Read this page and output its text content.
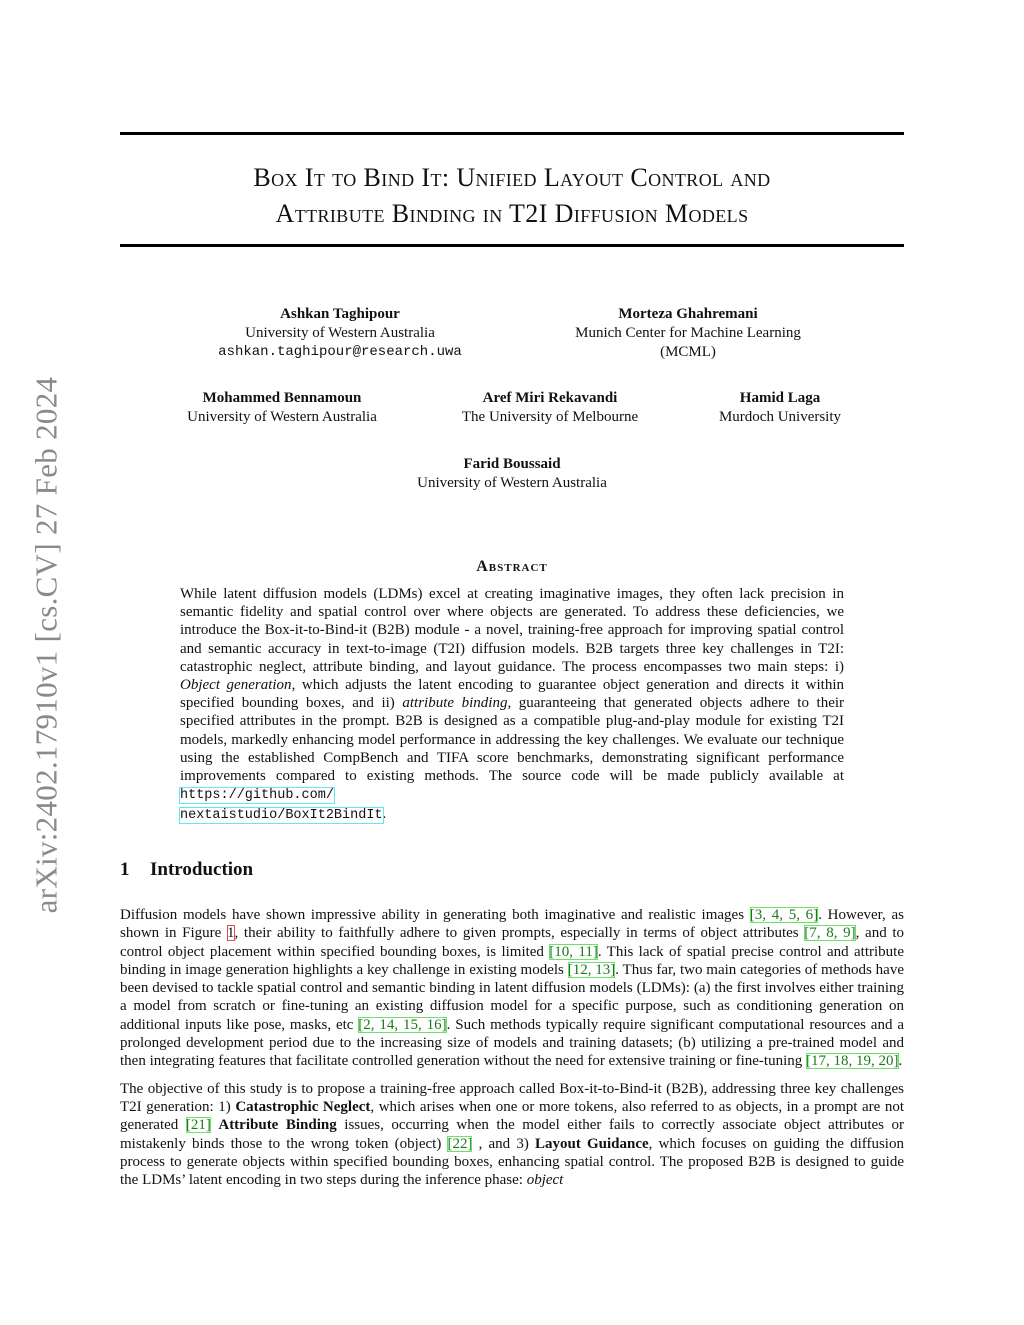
arXiv:2402.17910v1 [cs.CV] 27 Feb 2024
Box It to Bind It: Unified Layout Control and
Attribute Binding in T2I Diffusion Models
Ashkan Taghipour
University of Western Australia
ashkan.taghipour@research.uwa
Morteza Ghahremani
Munich Center for Machine Learning
(MCML)
Mohammed Bennamoun
University of Western Australia
Aref Miri Rekavandi
The University of Melbourne
Hamid Laga
Murdoch University
Farid Boussaid
University of Western Australia
Abstract

While latent diffusion models (LDMs) excel at creating imaginative images, they often lack precision in semantic fidelity and spatial control over where objects are generated. To address these deficiencies, we introduce the Box-it-to-Bind-it (B2B) module - a novel, training-free approach for improving spatial control and semantic accuracy in text-to-image (T2I) diffusion models. B2B targets three key challenges in T2I: catastrophic neglect, attribute binding, and layout guidance. The process encompasses two main steps: i) Object generation, which adjusts the latent encoding to guarantee object generation and directs it within specified bounding boxes, and ii) attribute binding, guaranteeing that generated objects adhere to their specified attributes in the prompt. B2B is designed as a compatible plug-and-play module for existing T2I models, markedly enhancing model performance in addressing the key challenges. We evaluate our technique using the established CompBench and TIFA score benchmarks, demonstrating significant performance improvements compared to existing methods. The source code will be made publicly available at https://github.com/
nextaistudio/BoxIt2BindIt.

1 Introduction

Diffusion models have shown impressive ability in generating both imaginative and realistic images [3, 4, 5, 6]. However, as shown in Figure 1, their ability to faithfully adhere to given prompts, especially in terms of object attributes [7, 8, 9], and to control object placement within specified bounding boxes, is limited [10, 11]. This lack of spatial precise control and attribute binding in image generation highlights a key challenge in existing models [12, 13]. Thus far, two main categories of methods have been devised to tackle spatial control and semantic binding in latent diffusion models (LDMs): (a) the first involves either training a model from scratch or fine-tuning an existing diffusion model for a specific purpose, such as conditioning generation on additional inputs like pose, masks, etc [2, 14, 15, 16]. Such methods typically require significant computational resources and a prolonged development period due to the increasing size of models and training datasets; (b) utilizing a pre-trained model and then integrating features that facilitate controlled generation without the need for extensive training or fine-tuning [17, 18, 19, 20].

The objective of this study is to propose a training-free approach called Box-it-to-Bind-it (B2B), addressing three key challenges T2I generation: 1) Catastrophic Neglect, which arises when one or more tokens, also referred to as objects, in a prompt are not generated [21] Attribute Binding issues, occurring when the model either fails to correctly associate object attributes or mistakenly binds those to the wrong token (object) [22] , and 3) Layout Guidance, which focuses on guiding the diffusion process to generate objects within specified bounding boxes, enhancing spatial control. The proposed B2B is designed to guide the LDMs’ latent encoding in two steps during the inference phase: object
